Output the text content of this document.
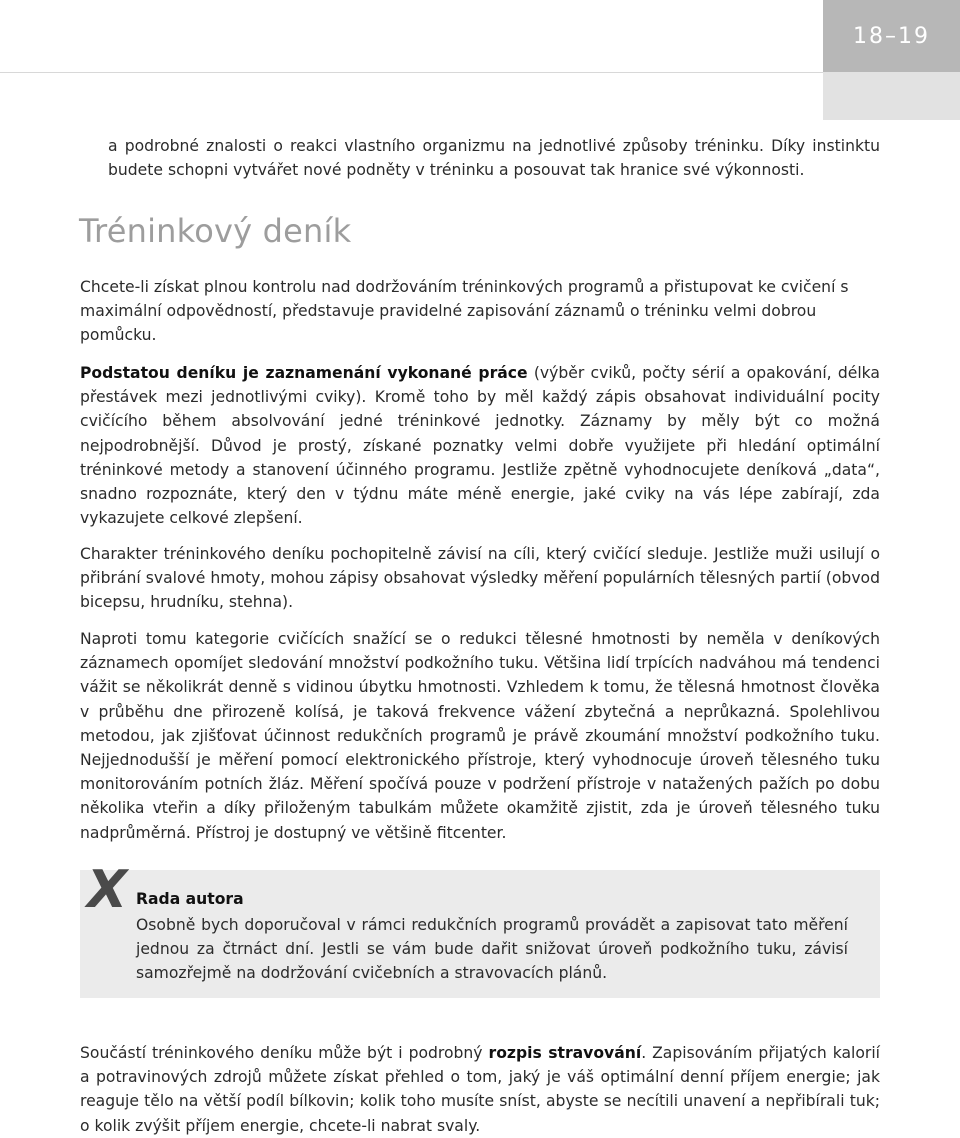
18–19

a podrobné znalosti o reakci vlastního organizmu na jednotlivé způsoby tréninku. Díky instinktu budete schopni vytvářet nové podněty v tréninku a posouvat tak hranice své výkonnosti.

Tréninkový deník

Chcete-li získat plnou kontrolu nad dodržováním tréninkových programů a přistupovat ke cvičení s maximální odpovědností, představuje pravidelné zapisování záznamů o tréninku velmi dobrou pomůcku.

Podstatou deníku je zaznamenání vykonané práce (výběr cviků, počty sérií a opakování, délka přestávek mezi jednotlivými cviky). Kromě toho by měl každý zápis obsahovat individuální pocity cvičícího během absolvování jedné tréninkové jednotky. Záznamy by měly být co možná nejpodrobnější. Důvod je prostý, získané poznatky velmi dobře využijete při hledání optimální tréninkové metody a stanovení účinného programu. Jestliže zpětně vyhodnocujete deníková „data“, snadno rozpoznáte, který den v týdnu máte méně energie, jaké cviky na vás lépe zabírají, zda vykazujete celkové zlepšení.

Charakter tréninkového deníku pochopitelně závisí na cíli, který cvičící sleduje. Jestliže muži usilují o přibrání svalové hmoty, mohou zápisy obsahovat výsledky měření populárních tělesných partií (obvod bicepsu, hrudníku, stehna).

Naproti tomu kategorie cvičících snažící se o redukci tělesné hmotnosti by neměla v deníkových záznamech opomíjet sledování množství podkožního tuku. Většina lidí trpících nadváhou má tendenci vážit se několikrát denně s vidinou úbytku hmotnosti. Vzhledem k tomu, že tělesná hmotnost člověka v průběhu dne přirozeně kolísá, je taková frekvence vážení zbytečná a neprůkazná. Spolehlivou metodou, jak zjišťovat účinnost redukčních programů je právě zkoumání množství podkožního tuku. Nejjednodušší je měření pomocí elektronického přístroje, který vyhodnocuje úroveň tělesného tuku monitorováním potních žláz. Měření spočívá pouze v podržení přístroje v natažených pažích po dobu několika vteřin a díky přiloženým tabulkám můžete okamžitě zjistit, zda je úroveň tělesného tuku nadprůměrná. Přístroj je dostupný ve většině fitcenter.

X Rada autora

Osobně bych doporučoval v rámci redukčních programů provádět a zapisovat tato měření jednou za čtrnáct dní. Jestli se vám bude dařit snižovat úroveň podkožního tuku, závisí samozřejmě na dodržování cvičebních a stravovacích plánů.

Součástí tréninkového deníku může být i podrobný rozpis stravování. Zapisováním přijatých kalorií a potravinových zdrojů můžete získat přehled o tom, jaký je váš optimální denní příjem energie; jak reaguje tělo na větší podíl bílkovin; kolik toho musíte sníst, abyste se necítili unavení a nepřibírali tuk; o kolik zvýšit příjem energie, chcete-li nabrat svaly.
